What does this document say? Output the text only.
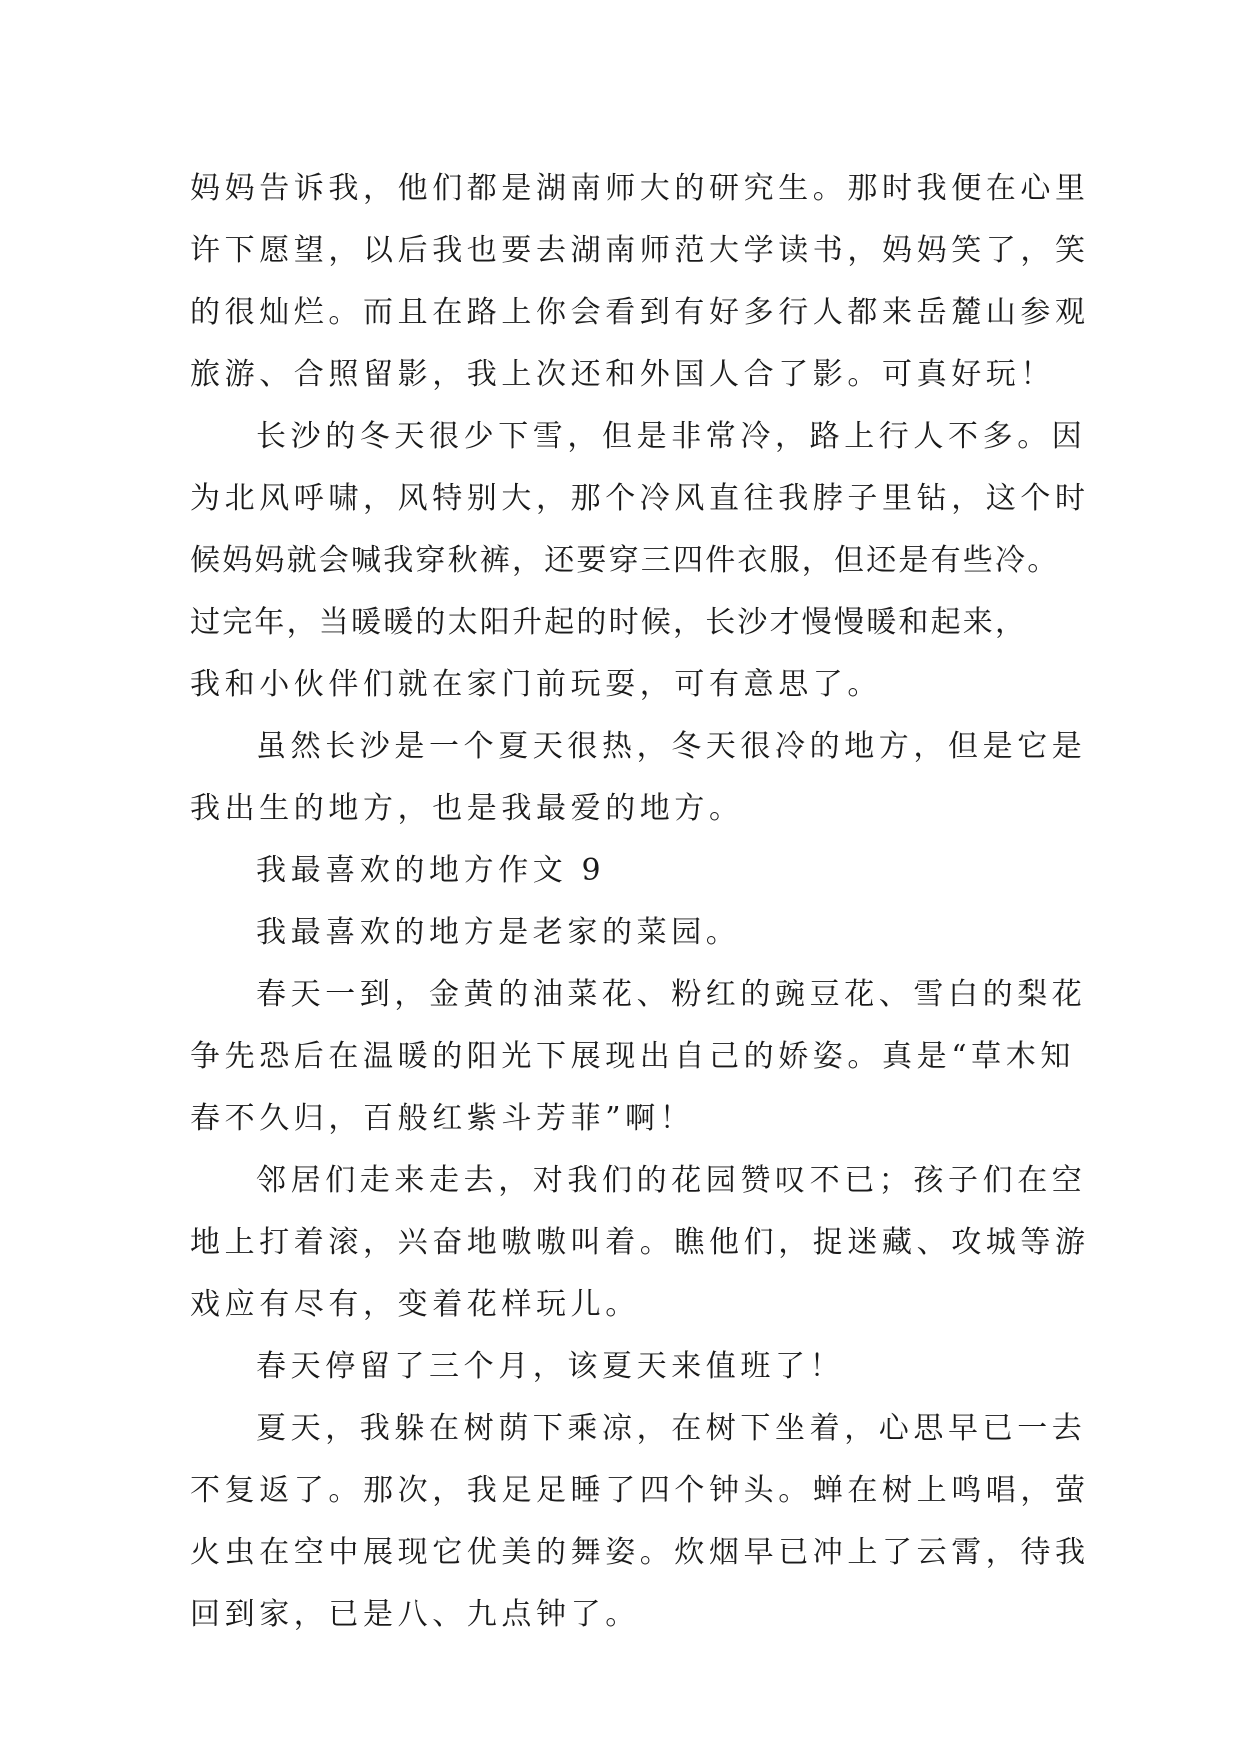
妈妈告诉我，他们都是湖南师大的研究生。那时我便在心里
许下愿望，以后我也要去湖南师范大学读书，妈妈笑了，笑
的很灿烂。而且在路上你会看到有好多行人都来岳麓山参观
旅游、合照留影，我上次还和外国人合了影。可真好玩！
长沙的冬天很少下雪，但是非常冷，路上行人不多。因
为北风呼啸，风特别大，那个冷风直往我脖子里钻，这个时
候妈妈就会喊我穿秋裤，还要穿三四件衣服，但还是有些冷。
过完年，当暖暖的太阳升起的时候，长沙才慢慢暖和起来，
我和小伙伴们就在家门前玩耍，可有意思了。
虽然长沙是一个夏天很热，冬天很冷的地方，但是它是
我出生的地方，也是我最爱的地方。
我最喜欢的地方作文 9
我最喜欢的地方是老家的菜园。
春天一到，金黄的油菜花、粉红的豌豆花、雪白的梨花
争先恐后在温暖的阳光下展现出自己的娇姿。真是“草木知
春不久归，百般红紫斗芳菲”啊！
邻居们走来走去，对我们的花园赞叹不已；孩子们在空
地上打着滚，兴奋地嗷嗷叫着。瞧他们，捉迷藏、攻城等游
戏应有尽有，变着花样玩儿。
春天停留了三个月，该夏天来值班了！
夏天，我躲在树荫下乘凉，在树下坐着，心思早已一去
不复返了。那次，我足足睡了四个钟头。蝉在树上鸣唱，萤
火虫在空中展现它优美的舞姿。炊烟早已冲上了云霄，待我
回到家，已是八、九点钟了。
